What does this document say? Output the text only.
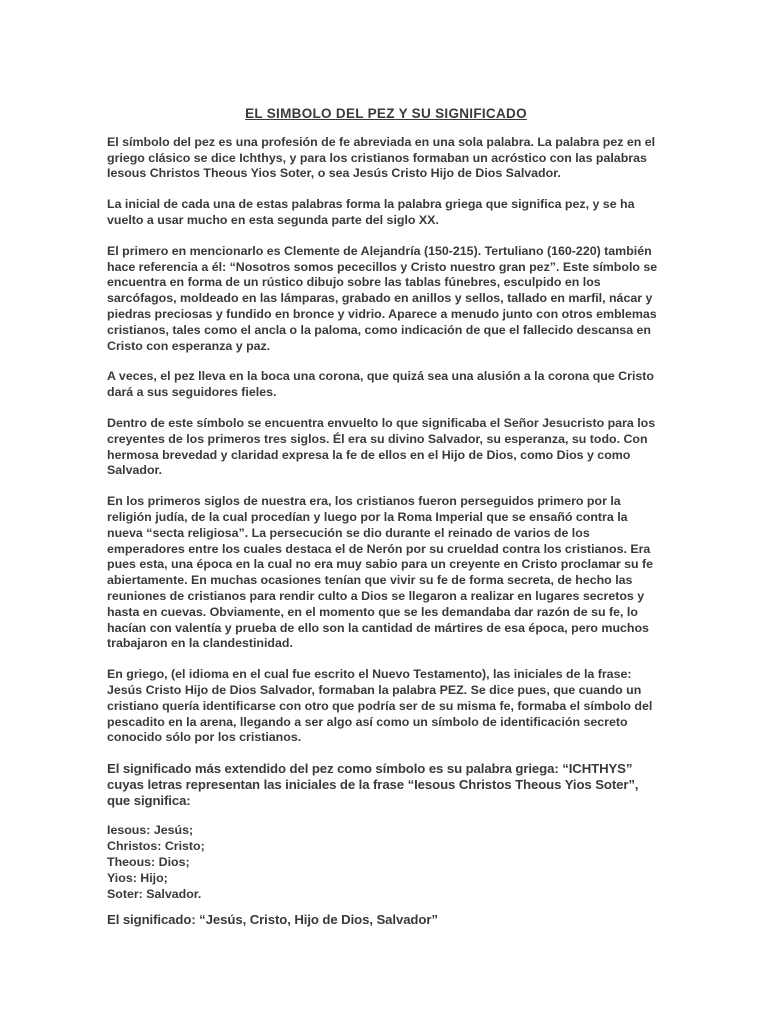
EL SIMBOLO DEL PEZ Y SU SIGNIFICADO

El símbolo del pez es una profesión de fe abreviada en una sola palabra. La palabra pez en el griego clásico se dice Ichthys, y para los cristianos formaban un acróstico con las palabras Iesous Christos Theous Yios Soter, o sea Jesús Cristo Hijo de Dios Salvador.

La inicial de cada una de estas palabras forma la palabra griega que significa pez, y se ha vuelto a usar mucho en esta segunda parte del siglo XX.

El primero en mencionarlo es Clemente de Alejandría (150-215). Tertuliano (160-220) también hace referencia a él: “Nosotros somos pececillos y Cristo nuestro gran pez”. Este símbolo se encuentra en forma de un rústico dibujo sobre las tablas fúnebres, esculpido en los sarcófagos, moldeado en las lámparas, grabado en anillos y sellos, tallado en marfil, nácar y piedras preciosas y fundido en bronce y vidrio. Aparece a menudo junto con otros emblemas cristianos, tales como el ancla o la paloma, como indicación de que el fallecido descansa en Cristo con esperanza y paz.

A veces, el pez lleva en la boca una corona, que quizá sea una alusión a la corona que Cristo dará a sus seguidores fieles.

Dentro de este símbolo se encuentra envuelto lo que significaba el Señor Jesucristo para los creyentes de los primeros tres siglos. Él era su divino Salvador, su esperanza, su todo. Con hermosa brevedad y claridad expresa la fe de ellos en el Hijo de Dios, como Dios y como Salvador.

En los primeros siglos de nuestra era, los cristianos fueron perseguidos primero por la religión judía, de la cual procedían y luego por la Roma Imperial que se ensañó contra la nueva “secta religiosa”. La persecución se dio durante el reinado de varios de los emperadores entre los cuales destaca el de Nerón por su crueldad contra los cristianos. Era pues esta, una época en la cual no era muy sabio para un creyente en Cristo proclamar su fe abiertamente. En muchas ocasiones tenían que vivir su fe de forma secreta, de hecho las reuniones de cristianos para rendir culto a Dios se llegaron a realizar en lugares secretos y hasta en cuevas. Obviamente, en el momento que se les demandaba dar razón de su fe, lo hacían con valentía y prueba de ello son la cantidad de mártires de esa época, pero muchos trabajaron en la clandestinidad.

En griego, (el idioma en el cual fue escrito el Nuevo Testamento), las iniciales de la frase: Jesús Cristo Hijo de Dios Salvador, formaban la palabra PEZ. Se dice pues, que cuando un cristiano quería identificarse con otro que podría ser de su misma fe, formaba el símbolo del pescadito en la arena, llegando a ser algo así como un símbolo de identificación secreto conocido sólo por los cristianos.

El significado más extendido del pez como símbolo es su palabra griega: “ICHTHYS” cuyas letras representan las iniciales de la frase “Iesous Christos Theous Yios Soter”, que significa:

Iesous: Jesús;
Christos: Cristo;
Theous: Dios;
Yios: Hijo;
Soter: Salvador.

El significado: “Jesús, Cristo, Hijo de Dios, Salvador”
